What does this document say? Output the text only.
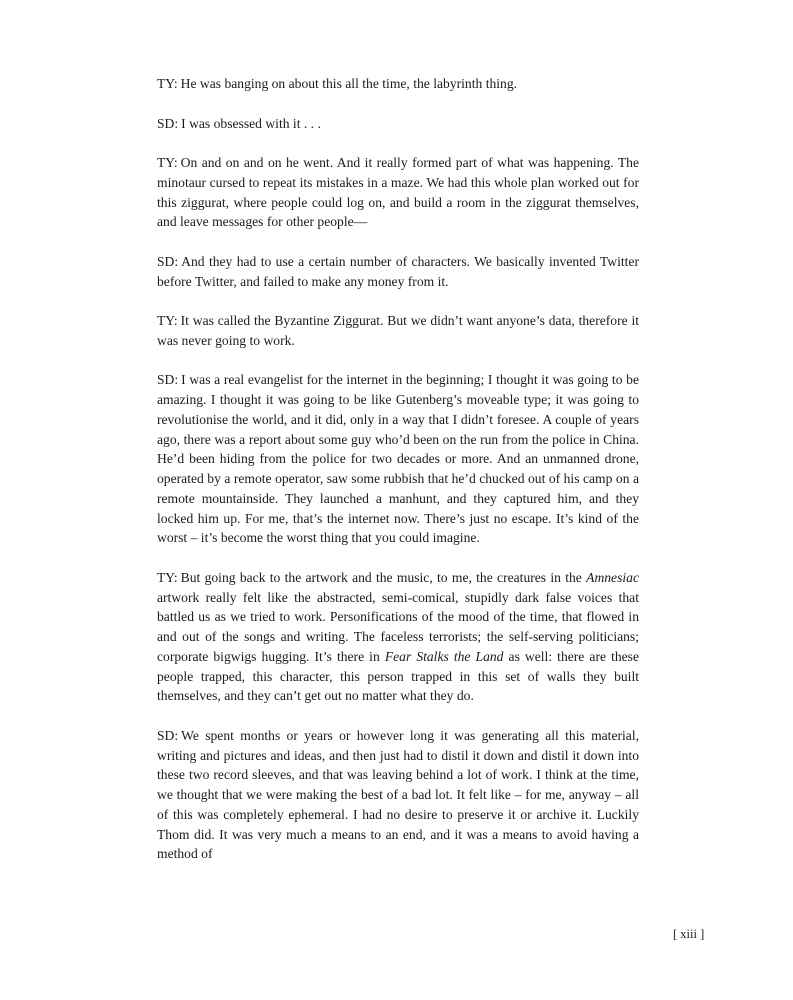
TY: He was banging on about this all the time, the labyrinth thing.

SD: I was obsessed with it . . .

TY: On and on and on he went. And it really formed part of what was happening. The minotaur cursed to repeat its mistakes in a maze. We had this whole plan worked out for this ziggurat, where people could log on, and build a room in the ziggurat themselves, and leave messages for other people—

SD: And they had to use a certain number of characters. We basically invented Twitter before Twitter, and failed to make any money from it.

TY: It was called the Byzantine Ziggurat. But we didn’t want anyone’s data, therefore it was never going to work.

SD: I was a real evangelist for the internet in the beginning; I thought it was going to be amazing. I thought it was going to be like Gutenberg’s moveable type; it was going to revolutionise the world, and it did, only in a way that I didn’t foresee. A couple of years ago, there was a report about some guy who’d been on the run from the police in China. He’d been hiding from the police for two decades or more. And an unmanned drone, operated by a remote operator, saw some rubbish that he’d chucked out of his camp on a remote mountainside. They launched a manhunt, and they captured him, and they locked him up. For me, that’s the internet now. There’s just no escape. It’s kind of the worst – it’s become the worst thing that you could imagine.

TY: But going back to the artwork and the music, to me, the creatures in the Amnesiac artwork really felt like the abstracted, semi-comical, stupidly dark false voices that battled us as we tried to work. Personifications of the mood of the time, that flowed in and out of the songs and writing. The faceless terrorists; the self-serving politicians; corporate bigwigs hugging. It’s there in Fear Stalks the Land as well: there are these people trapped, this character, this person trapped in this set of walls they built themselves, and they can’t get out no matter what they do.

SD: We spent months or years or however long it was generating all this material, writing and pictures and ideas, and then just had to distil it down and distil it down into these two record sleeves, and that was leaving behind a lot of work. I think at the time, we thought that we were making the best of a bad lot. It felt like – for me, anyway – all of this was completely ephemeral. I had no desire to preserve it or archive it. Luckily Thom did. It was very much a means to an end, and it was a means to avoid having a method of

[ xiii ]
